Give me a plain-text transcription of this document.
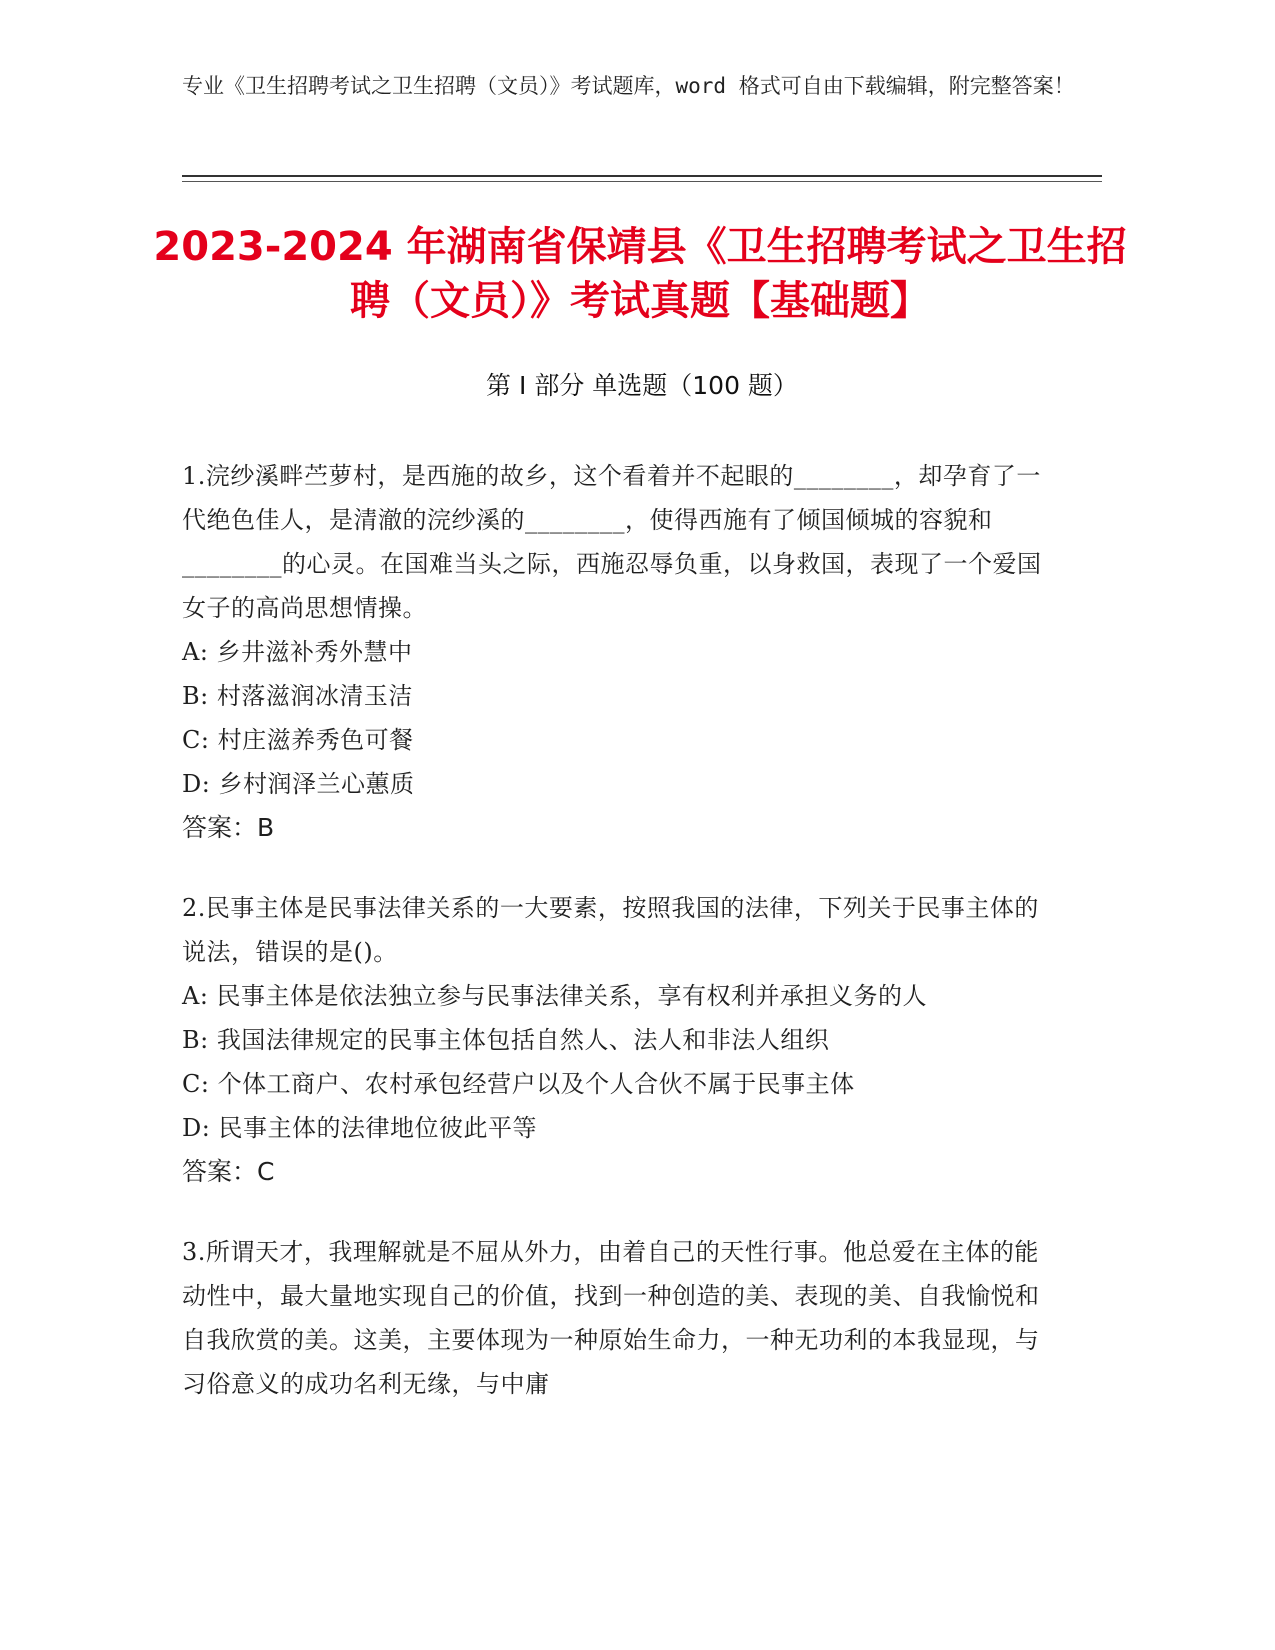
专业《卫生招聘考试之卫生招聘（文员）》考试题库，word 格式可自由下载编辑，附完整答案！
2023-2024 年湖南省保靖县《卫生招聘考试之卫生招聘（文员）》考试真题【基础题】
第 I 部分 单选题（100 题）

1.浣纱溪畔苎萝村，是西施的故乡，这个看着并不起眼的________，却孕育了一代绝色佳人，是清澈的浣纱溪的________，使得西施有了倾国倾城的容貌和________的心灵。在国难当头之际，西施忍辱负重，以身救国，表现了一个爱国女子的高尚思想情操。

A: 乡井滋补秀外慧中

B: 村落滋润冰清玉洁

C: 村庄滋养秀色可餐

D: 乡村润泽兰心蕙质

答案：B

2.民事主体是民事法律关系的一大要素，按照我国的法律，下列关于民事主体的说法，错误的是()。

A: 民事主体是依法独立参与民事法律关系，享有权利并承担义务的人

B: 我国法律规定的民事主体包括自然人、法人和非法人组织

C: 个体工商户、农村承包经营户以及个人合伙不属于民事主体

D: 民事主体的法律地位彼此平等

答案：C

3.所谓天才，我理解就是不屈从外力，由着自己的天性行事。他总爱在主体的能动性中，最大量地实现自己的价值，找到一种创造的美、表现的美、自我愉悦和自我欣赏的美。这美，主要体现为一种原始生命力，一种无功利的本我显现，与习俗意义的成功名利无缘，与中庸
